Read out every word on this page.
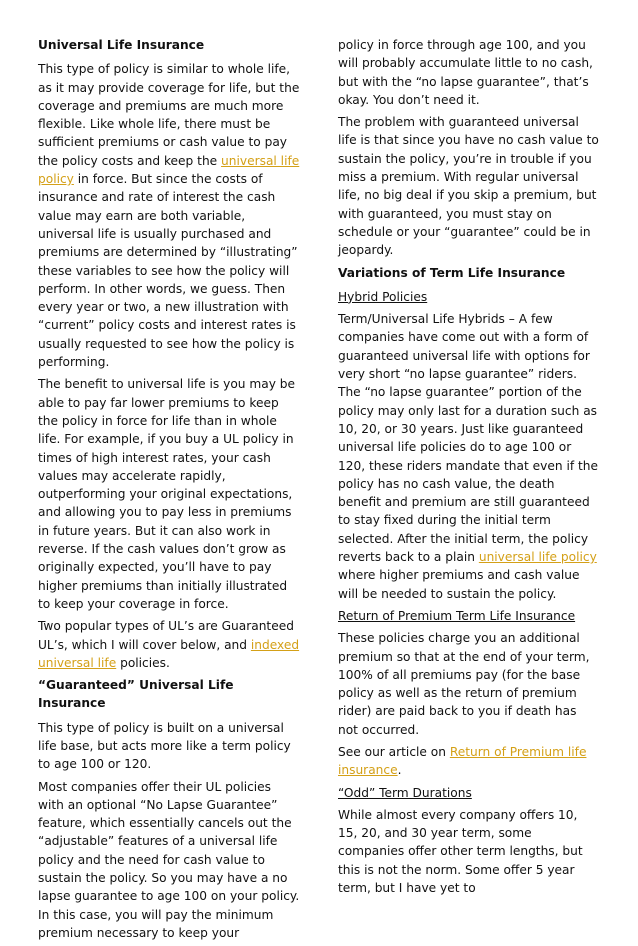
Universal Life Insurance

This type of policy is similar to whole life, as it may provide coverage for life, but the coverage and premiums are much more flexible. Like whole life, there must be sufficient premiums or cash value to pay the policy costs and keep the universal life policy in force. But since the costs of insurance and rate of interest the cash value may earn are both variable, universal life is usually purchased and premiums are determined by “illustrating” these variables to see how the policy will perform. In other words, we guess. Then every year or two, a new illustration with “current” policy costs and interest rates is usually requested to see how the policy is performing.

The benefit to universal life is you may be able to pay far lower premiums to keep the policy in force for life than in whole life. For example, if you buy a UL policy in times of high interest rates, your cash values may accelerate rapidly, outperforming your original expectations, and allowing you to pay less in premiums in future years. But it can also work in reverse. If the cash values don’t grow as originally expected, you’ll have to pay higher premiums than initially illustrated to keep your coverage in force.

Two popular types of UL’s are Guaranteed UL’s, which I will cover below, and indexed universal life policies.

“Guaranteed” Universal Life Insurance

This type of policy is built on a universal life base, but acts more like a term policy to age 100 or 120.

Most companies offer their UL policies with an optional “No Lapse Guarantee” feature, which essentially cancels out the “adjustable” features of a universal life policy and the need for cash value to sustain the policy. So you may have a no lapse guarantee to age 100 on your policy. In this case, you will pay the minimum premium necessary to keep your

policy in force through age 100, and you will probably accumulate little to no cash, but with the “no lapse guarantee”, that’s okay. You don’t need it.

The problem with guaranteed universal life is that since you have no cash value to sustain the policy, you’re in trouble if you miss a premium. With regular universal life, no big deal if you skip a premium, but with guaranteed, you must stay on schedule or your “guarantee” could be in jeopardy.

Variations of Term Life Insurance

Hybrid Policies

Term/Universal Life Hybrids – A few companies have come out with a form of guaranteed universal life with options for very short “no lapse guarantee” riders. The “no lapse guarantee” portion of the policy may only last for a duration such as 10, 20, or 30 years. Just like guaranteed universal life policies do to age 100 or 120, these riders mandate that even if the policy has no cash value, the death benefit and premium are still guaranteed to stay fixed during the initial term selected. After the initial term, the policy reverts back to a plain universal life policy where higher premiums and cash value will be needed to sustain the policy.

Return of Premium Term Life Insurance

These policies charge you an additional premium so that at the end of your term, 100% of all premiums pay (for the base policy as well as the return of premium rider) are paid back to you if death has not occurred.

See our article on Return of Premium life insurance.

“Odd” Term Durations

While almost every company offers 10, 15, 20, and 30 year term, some companies offer other term lengths, but this is not the norm. Some offer 5 year term, but I have yet to
